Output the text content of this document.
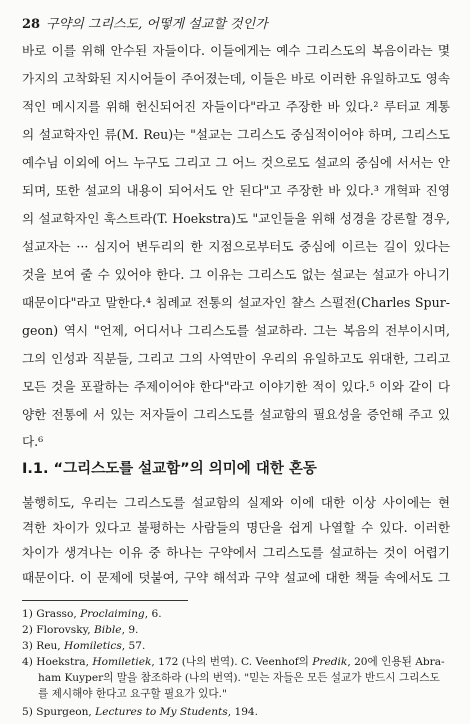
28 구약의 그리스도, 어떻게 설교할 것인가
바로 이를 위해 안수된 자들이다. 이들에게는 예수 그리스도의 복음이라는 몇
가지의 고착화된 지시어들이 주어졌는데, 이들은 바로 이러한 유일하고도 영속
적인 메시지를 위해 헌신되어진 자들이다"라고 주장한 바 있다.² 루터교 계통
의 설교학자인 류(M. Reu)는 "설교는 그리스도 중심적이어야 하며, 그리스도
예수님 이외에 어느 누구도 그리고 그 어느 것으로도 설교의 중심에 서서는 안
되며, 또한 설교의 내용이 되어서도 안 된다"고 주장한 바 있다.³ 개혁파 진영
의 설교학자인 훅스트라(T. Hoekstra)도 "교인들을 위해 성경을 강론할 경우,
설교자는 ··· 심지어 변두리의 한 지점으로부터도 중심에 이르는 길이 있다는
것을 보여 줄 수 있어야 한다. 그 이유는 그리스도 없는 설교는 설교가 아니기
때문이다"라고 말한다.⁴ 침례교 전통의 설교자인 챨스 스펄전(Charles Spur-
geon) 역시 "언제, 어디서나 그리스도를 설교하라. 그는 복음의 전부이시며,
그의 인성과 직분들, 그리고 그의 사역만이 우리의 유일하고도 위대한, 그리고
모든 것을 포괄하는 주제이어야 한다"라고 이야기한 적이 있다.⁵ 이와 같이 다
양한 전통에 서 있는 저자들이 그리스도를 설교함의 필요성을 증언해 주고 있
다.⁶
I.1. “그리스도를 설교함”의 의미에 대한 혼동
불행히도, 우리는 그리스도를 설교함의 실제와 이에 대한 이상 사이에는 현
격한 차이가 있다고 불평하는 사람들의 명단을 쉽게 나열할 수 있다. 이러한
차이가 생겨나는 이유 중 하나는 구약에서 그리스도를 설교하는 것이 어렵기
때문이다. 이 문제에 덧붙여, 구약 해석과 구약 설교에 대한 책들 속에서도 그
1) Grasso, Proclaiming, 6.
2) Florovsky, Bible, 9.
3) Reu, Homiletics, 57.
4) Hoekstra, Homiletiek, 172 (나의 번역). C. Veenhof의 Predik, 20에 인용된 Abra-
ham Kuyper의 말을 참조하라 (나의 번역). "믿는 자들은 모든 설교가 반드시 그리스도
를 제시해야 한다고 요구할 필요가 있다."
5) Spurgeon, Lectures to My Students, 194.
